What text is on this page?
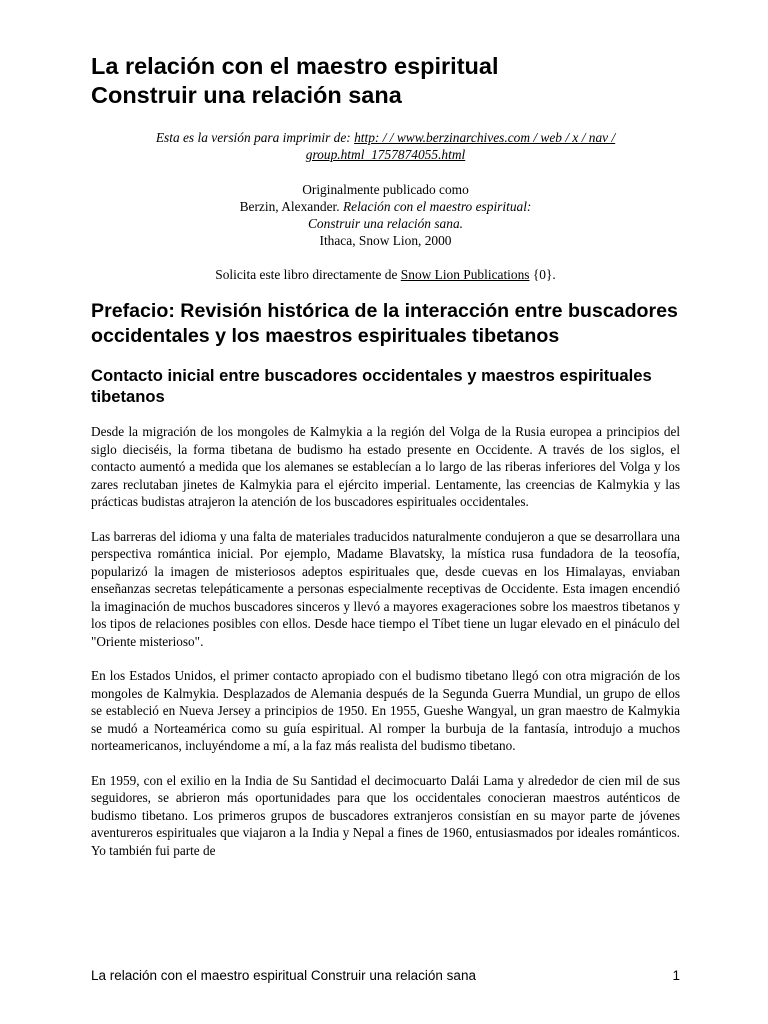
La relación con el maestro espiritual
Construir una relación sana

Esta es la versión para imprimir de: http: / / www.berzinarchives.com / web / x / nav / group.html_1757874055.html

Originalmente publicado como
Berzin, Alexander. Relación con el maestro espiritual:
Construir una relación sana.
Ithaca, Snow Lion, 2000

Solicita este libro directamente de Snow Lion Publications {0}.

Prefacio: Revisión histórica de la interacción entre buscadores occidentales y los maestros espirituales tibetanos
Contacto inicial entre buscadores occidentales y maestros espirituales tibetanos

Desde la migración de los mongoles de Kalmykia a la región del Volga de la Rusia europea a principios del siglo dieciséis, la forma tibetana de budismo ha estado presente en Occidente. A través de los siglos, el contacto aumentó a medida que los alemanes se establecían a lo largo de las riberas inferiores del Volga y los zares reclutaban jinetes de Kalmykia para el ejército imperial. Lentamente, las creencias de Kalmykia y las prácticas budistas atrajeron la atención de los buscadores espirituales occidentales.

Las barreras del idioma y una falta de materiales traducidos naturalmente condujeron a que se desarrollara una perspectiva romántica inicial. Por ejemplo, Madame Blavatsky, la mística rusa fundadora de la teosofía, popularizó la imagen de misteriosos adeptos espirituales que, desde cuevas en los Himalayas, enviaban enseñanzas secretas telepáticamente a personas especialmente receptivas de Occidente. Esta imagen encendió la imaginación de muchos buscadores sinceros y llevó a mayores exageraciones sobre los maestros tibetanos y los tipos de relaciones posibles con ellos. Desde hace tiempo el Tíbet tiene un lugar elevado en el pináculo del "Oriente misterioso".

En los Estados Unidos, el primer contacto apropiado con el budismo tibetano llegó con otra migración de los mongoles de Kalmykia. Desplazados de Alemania después de la Segunda Guerra Mundial, un grupo de ellos se estableció en Nueva Jersey a principios de 1950. En 1955, Gueshe Wangyal, un gran maestro de Kalmykia se mudó a Norteamérica como su guía espiritual. Al romper la burbuja de la fantasía, introdujo a muchos norteamericanos, incluyéndome a mí, a la faz más realista del budismo tibetano.

En 1959, con el exilio en la India de Su Santidad el decimocuarto Dalái Lama y alrededor de cien mil de sus seguidores, se abrieron más oportunidades para que los occidentales conocieran maestros auténticos de budismo tibetano. Los primeros grupos de buscadores extranjeros consistían en su mayor parte de jóvenes aventureros espirituales que viajaron a la India y Nepal a fines de 1960, entusiasmados por ideales románticos. Yo también fui parte de

La relación con el maestro espiritual Construir una relación sana	1
